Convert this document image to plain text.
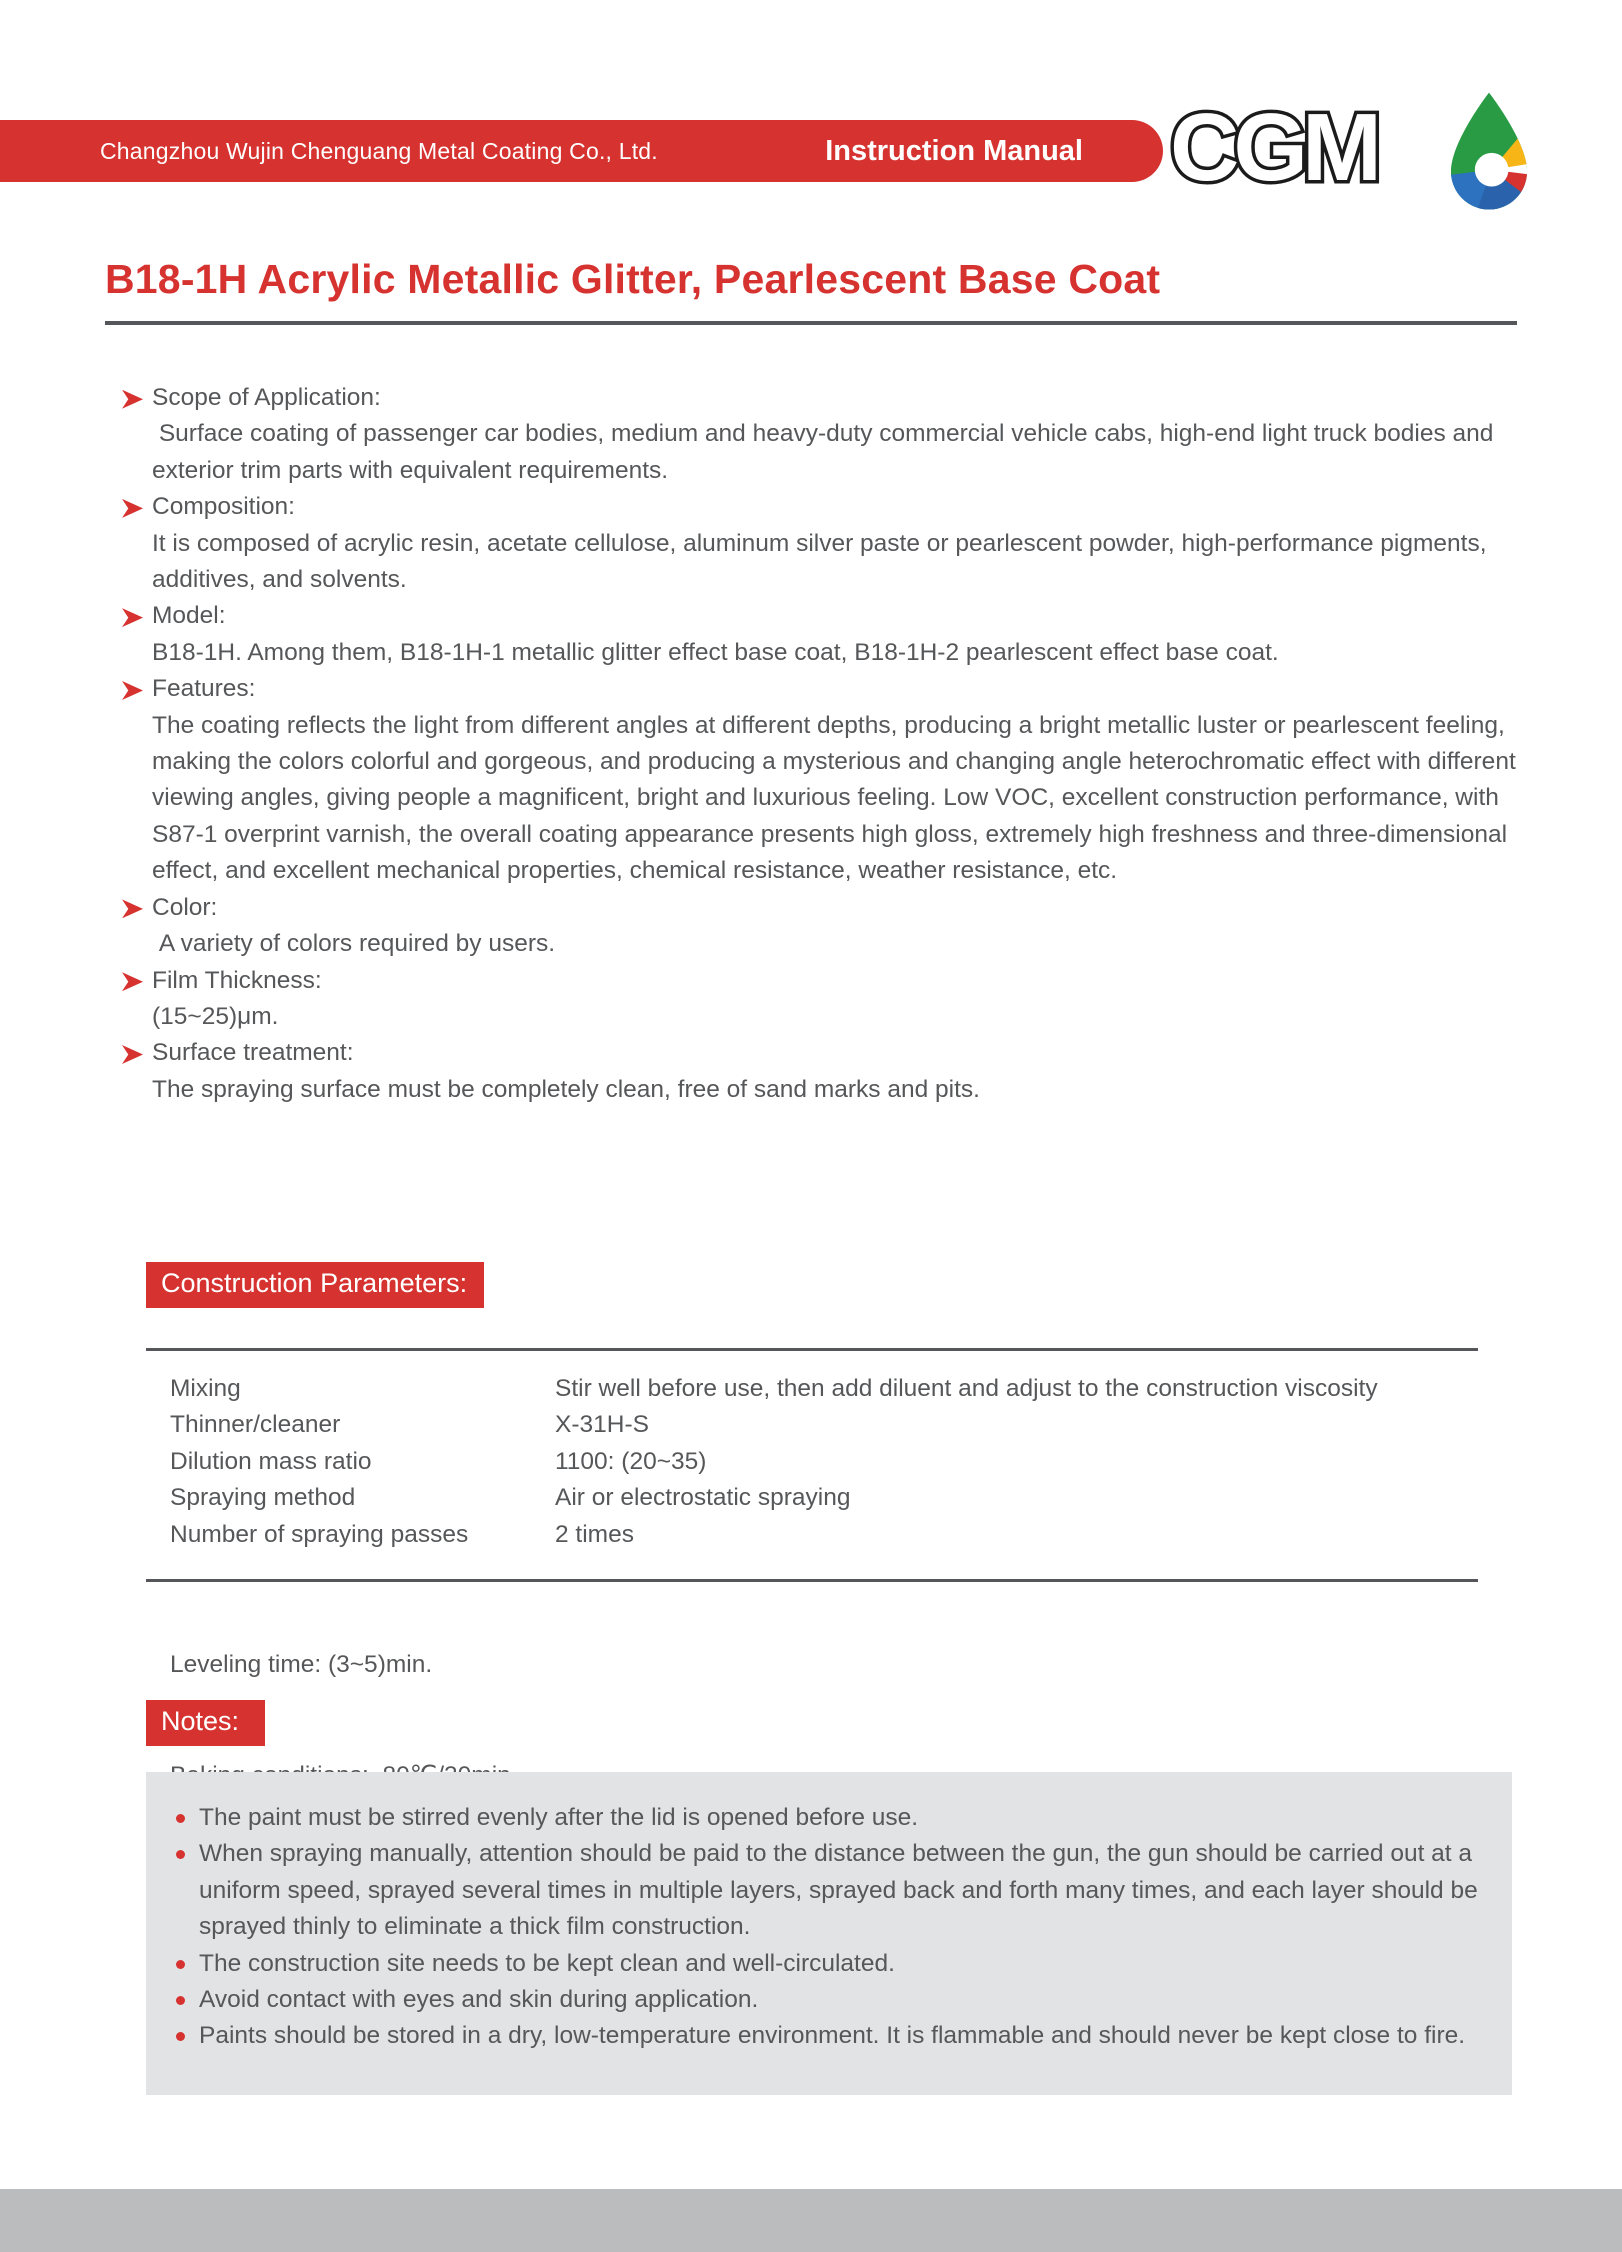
Changzhou Wujin Chenguang Metal Coating Co., Ltd.	Instruction Manual CGM
B18-1H Acrylic Metallic Glitter, Pearlescent Base Coat
Scope of Application:
Surface coating of passenger car bodies, medium and heavy-duty commercial vehicle cabs, high-end light truck bodies and exterior trim parts with equivalent requirements.
Composition:
It is composed of acrylic resin, acetate cellulose, aluminum silver paste or pearlescent powder, high-performance pigments, additives, and solvents.
Model:
B18-1H. Among them, B18-1H-1 metallic glitter effect base coat, B18-1H-2 pearlescent effect base coat.
Features:
The coating reflects the light from different angles at different depths, producing a bright metallic luster or pearlescent feeling, making the colors colorful and gorgeous, and producing a mysterious and changing angle heterochromatic effect with different viewing angles, giving people a magnificent, bright and luxurious feeling. Low VOC, excellent construction performance, with S87-1 overprint varnish, the overall coating appearance presents high gloss, extremely high freshness and three-dimensional effect, and excellent mechanical properties, chemical resistance, weather resistance, etc.
Color:
A variety of colors required by users.
Film Thickness:
(15~25)μm.
Surface treatment:
The spraying surface must be completely clean, free of sand marks and pits.
Construction Parameters:
Mixing	Stir well before use, then add diluent and adjust to the construction viscosity
Thinner/cleaner	X-31H-S
Dilution mass ratio	1100: (20~35)
Spraying method	Air or electrostatic spraying
Number of spraying passes	2 times

Leveling time: (3~5)min.

Notes:
The paint must be stirred evenly after the lid is opened before use.
When spraying manually, attention should be paid to the distance between the gun, the gun should be carried out at a uniform speed, sprayed several times in multiple layers, sprayed back and forth many times, and each layer should be sprayed thinly to eliminate a thick film construction.
The construction site needs to be kept clean and well-circulated.
Avoid contact with eyes and skin during application.
Paints should be stored in a dry, low-temperature environment. It is flammable and should never be kept close to fire.
